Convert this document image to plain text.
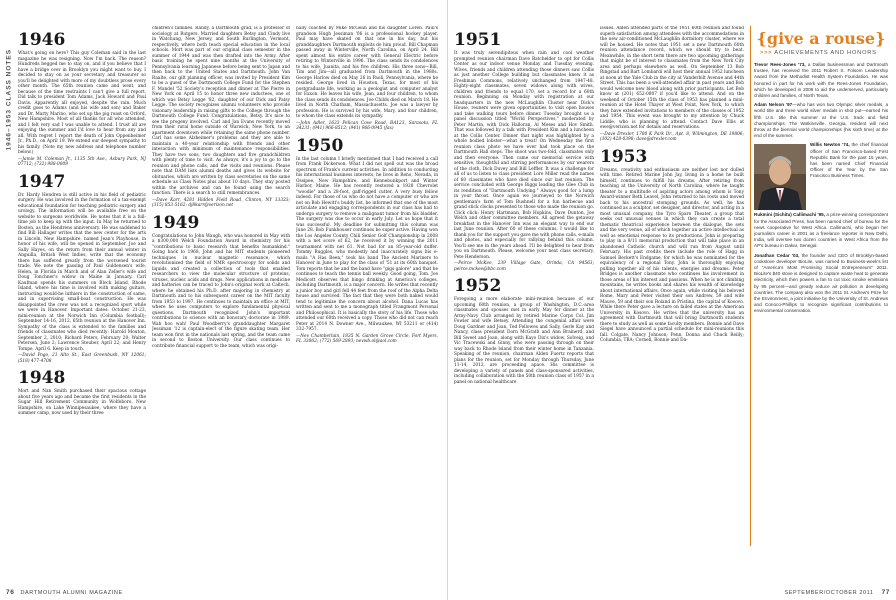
1946–1953 CLASS NOTES
1946

What's going on here? This guy Coleman said in the last magazine he was resigning. Now I'm back. The reason? Hundreds begged me to stay on, and if you believe that I have a bridge over in Brooklyn you might want to buy. I decided to stay on as your secretary and treasurer so you'll be delighted with more of my doubtless prose every other month. The 65th reunion came and went, and because of the time restraints I can't give a full report. Did talk to president Tom Adams, Jack Howard and Paul Davis. Apparently all enjoyed, despite the rain. Much credit goes to Adams (and his wife and son) and Baker and Dr. Marty Marino, who set up the pig roast on Orford, New Hampshire. Most of all thanks for all who attended, and I felt very sad I was unable to attend. I trust all are enjoying the summer and I'd love to hear from any and all. With regret I report the death of John Oppenheimer Jr., Ph.D., on April 19. We extend our deepest sympathy to his family. (Note my new address and telephone number below.)

—Jamie M. Coleman Jr., 1135 5th Ave., Asbury Park, NJ 07712; (732) 988-0009

1947

Dr. Hardy Hendren is still active in his field of pediatric surgery. He was involved in the formation of a tax-exempt educational foundation for teaching pediatric surgery and urology. The information will be available free on the website to surgeons worldwide. He notes that it is a full-time job to keep up with the input. In May he returned to Boston, as the Hendrens anniversary. He was saddened to find Bill Hallager writes that the new center for the arts in Lincoln, New Hampshire, named Jean's Playhouse, in honor of his wife, will be opened in September. Joe and Sally Hayes, on the return from their annual winter in Anguilla, British West Indies, write that the economy there has suffered greatly from the worsened tourist trade. We note the passing of Paul Guldensen's wife, Helen, in Florida in March and of Alan Zeller's wife and Doug Tonchner's widow in Maine in January. Carl Kaufman spends his summers on Block Island, Rhode Island, where his time is involved with making guitars, instructing would-be luthiers in the construction of same, and in supervising small-boat construction. He was disappointed the crew was not a recognized sport while we were in Hanover. Important dates: October 21-23, mini-reunion at the Norwich Inn (Columbia football); September 14-16, 2012, 65th reunion at the Hanover Inn. Sympathy of the class is extended to the families and friends of classmates who died recently: Harold Mouton, September 2, 2010; Richard Peters, February 20; Walter Petersen, June 2; Lawrence Steuber, April 22; and Henry Tompe, April 6. Keep in touch.

—David Pogo, 21 Alto St., East Greenbush, NY 12061; (518) 477-4708

1948

Mort and Nan Smith purchased their spacious cottage about five years ago and became the first residents in the Sugar Hill Retirement Community in Wolfeboro, New Hampshire, on Lake Winnipesaukee, where they have a summer camp, now used by their three

children's families. Randy, a Dartmouth grad, is a professor of sociology at Rutgers. Married daughters Betsy and Cindy live in Watchung, New Jersey, and South Burlington, Vermont, respectively, where both teach special education in the local schools. Mort was part of our original class semester in the summer of 1944 and was then drafted into the Army. After basic training he spent nine months at the University of Pennsylvania learning Japanese before being sent to Japan and then back to the United States and Dartmouth. John Van Raalte, our gilt planning officer, was invited by President Kim to be a guest of the Dartmouth College Fund for the Stephen F. Mandel '52 Society's reception and dinner at The Pierre in New York on April 15 to honor three new inductees, one of which was Betsy Legge '82, daughter of our Dick and Patsy Legge. The society recognizes alumni volunteers who provide visionary leadership in raising gifts to the College through the Dartmouth College Fund. Congratulations, Betsy. It's nice to see the progeny involved. Carl and Jan Evans recently moved from their rural home outside of Warwick, New York, to an apartment downtown while retaining the same phone number. Carl has some Alzheimer's problems and they are able to maintain a 40-year relationship with friends and other interaction with minimum of maintenance responsibilities. They have two sons, two daughters and five grandchildren with plenty of time to visit. As always, it's a joy to go to the reunion and phone calls, and the visits and reunions. Please note that DAM lists alumni deaths and gives its website for obituaries, which are written by class secretaries on the same schedule as Class Notes plus about 10 days. They stay posted within the archives and can be found using the search function. There is a search to still remembrances.

—Dave Karr, 4281 Hidden Field Road, Clinton, NY 13323; (315) 853-5162; dj8karr@verizon.net

1949

Congratulations to John Waugh, who was honored in May with a $300,000 Welch Foundation Award in chemistry for his "contributions to basic research that benefits humankind." Going back to 1968, John and his MIT students pioneered techniques in nuclear magnetic resonance, which revolutionized the field of NMR spectroscopy for solids and liquids and created a collection of tools that enabled researchers to view the molecular structure of proteins, viruses, nucleic acids and drugs. New applications in medicine and batteries can be traced to John's original work at Caltech, where he obtained his Ph.D. after majoring in chemistry at Dartmouth and to his subsequent career on the MIT faculty from 1953 to 1997. He continues to maintain an office at MIT, where he uses computers to explore fundamental physical questions. Dartmouth recognized John's important contributions to science with an honorary doctorate in 1989. Wah hoo wah! Paul Woodberry's granddaughter Margaret Jessiman '12 is captain-elect of the figure skating team. Her team won first in the nationals last spring, and the team came in second to Boston University. Our class continues to contribute financial support to the team, which was origi-

nally coached by Mike McGean and his daughter Loren. Paul's grandson Hugh Jessiman '06 is a professional hockey player. Paul may have skated on that one in his day, but his granddaughters Dartmouth exploits do him proud. Bill Chapman passed away in Winterville, North Carolina, on April 24. Bill spent almost his entire career with General Electric before retiring to Winterville in 1996. The class sends its condolences to his wife, Juanita, and his five children. His three sons—Bill, Tim and Jim—all graduated from Dartmouth in the 1980s. George Harlow died on May 26 in Paoli, Pennsylvania, where he resided. George lived in Houston, Texas, for most of his postgraduate life, working as a geologist and computer analyst for Exxon. He leaves his wife, Jean, and four children, to whom the class sends its condolences. Joe Childs died on March 18. He lived in North Chatham, Massachusetts. Joe was a lawyer by profession. He is survived by his wife, Mary, and four children, to whom the class extends its sympathy.

—John Adler, 1633 Pelican Cove Road, BA123, Sarasota, FL 34231; (941) 966-8512; (941) 966-0945 (fax)

1950

In the last column I briefly mentioned that I had received a call from Frank Dickerson. What I did not spell out was the broad spectrum of Frank's current activities. In addition to conducting his international business interests, he lives in Reno, Nevada, in Ossipee, New Hampshire, and Kennebunkport and Winter Harbor, Maine. He has recently restored a 1928 Chevrolet "woodie" and a 28-foot, gaff-rigged cutter. A very busy fellow indeed. For those of us who do not have a computer or who are not on Bob Hewitt's buddy list, be informed that one of the most articulate and engaging correspondents in our class has had to undergo surgery to remove a malignant tumor from his bladder. The surgery was due to occur in early July. Let us hope that it was successful. My deadline for submitting this column was June 28. Bob Funkhouser continues be super active. Having won the Los Angeles County Chili Senior Golf Championship in 2008 with a net score of 62, he received it by winning the 2011 tournament with net 61. Not bad for an 85-year-old duffer. Tommy Ruggles, who modestly and inaccurately signs his e-mails "A Has Been," took his band The Ancient Mariners to Hanover in June to play for the class of '51 at its 60th banquet. Tom reports that he and the band have "gigs galore" and that he continues to teach the tennis ball weekly. Good going, Tom. Joe Medicott observes that bingo drinking at America's colleges, including Dartmouth, is a major concern. He writes that recently a junior boy and girl fell 44 feet from the roof of the Alpha Delta house and survived. The fact that they were both naked would tend to legitimize the concern about alcohol. Dana Lucas has written and sent to me a monograph titled Frangmont Personal and Philosophical. It is basically the story of his life. Those who attended our 60th received a copy. Those who did not can reach Peter at 2014 N. Downer Ave., Milwaukee, WI 53211 or (414) 332-7957.

—Nev Chamberlain, 1835 N. Garden Grove Circle, Fort Myers, FL 33062; (772) 569-2893; nevwb.ol@aol.com

76 DARTMOUTH ALUMNI MAGAZINE
1951

It was truly serendipitous when rain and cool weather prompted reunion chairman Dave Batchelder to opt for Collis Center as our indoor venue Monday and Tuesday evening. Wives, friends and children attending those dinners saw Collis as just another College building but classmates knew it as Freshman Commons, relatively unchanged from 1947-48. Eighty-eight classmates, seven widows along with wives, children and friends to equal 170, set a record for a 60th reunion. Beginning on Monday with registration at our headquarters in the new McLaughlin Cluster near Dick's House, reuners were given opportunities to visit open houses and take walking tours before dinner. Tuesday brought us a panel discussion titled "World Perspectives," moderated by Peter Martin, with Dick Halloran, Al Moses and Hov Smith. That was followed by a talk with President Kim and a luncheon at the Collis Center. Dinner that night was highlighted by a whole bodied lobster—what a treat! On Wednesday the first reunion class photo we have ever had took place on the Dartmouth Hall steps. The shoot was two-fold, classmates only and then everyone. Then came our memorial service with sensitive, thoughtful and stirring performances by our wearers of the cloth, Dick Duvey and Bill Leffler. It was a challenge for all of us to listen to class president Lore Miller read the names of 60 classmates who have died since our last reunion. The service concluded with George Biggs leading the Glee Club in its rendition of "Dartmouth Undying." Always good for a lump in your throat. Once again we journeyed to the Norwich gentleman's farm of Tom Bushnell for a fun barbecue and grand stick clocks presented to those who made the reunion go. Click click: Henry Hartmann, Bob Hopkins, Dave Dunton, Joe Welch and other committee members. All agreed the getaway breakfast in the Hanover Inn was an elegant way to end our last June reunion. After 60 of these columns, I would like to thank you for the support you gave me with phone calls, e-mails and photos, and especially for rallying behind this column. You'll see me in the years ahead. I'll be delighted to hear from you on Dartmouth. Please, welcome your next class secretary, Pete Henderson.

—Peirce McKee, 239 Village Gate, Orinda, CA 94563; peirce.mckee@bbc.com

1952

Foregoing a more elaborate mini-reunion because of our upcoming 60th reunion, a group of Washington, D.C.-area classmates and spouses met in early May for dinner at the Army-Navy Club arranged by retired Marine Corps Col. Jim Fowler and wife Betsey. Attending the congenial affair were Doug Gardner and Joan, Ted Fellowes and Sally, Gerle Kay and Nancy, class president Dorn McGrath and Ann Brainerd, and Bill Sweet and Joan, along with Kayo Dix's widow, Solveig, and Vic Tracewski and Ginny, who were passing through on their way back to Rhode Island from their winter home in Tanzania. Speaking of the reunion, chairman Alden Fuertz reports that plans for the reunion, set for Monday through Thursday, June 11-14, 2012, are proceeding apace. His committee is developing a variety of panels and class-sponsored activities, including collaboration with the 50th reunion class of 1957 in a panel on national healthcare

issues. Alden attended parts of the 1951 60th reunion and found superb satisfaction among attendees with the accommodations in the new air-conditioned McLaughlin dormitory cluster, where we will be housed. He notes that 1951 set a new Dartmouth 60th reunion attendance record, which we should try to beat. Meanwhile, in the short term there are two upcoming gatherings that might be of interest to classmates from the New York City area and perhaps elsewhere as well. On September 13 Bob Ringstad and Bart Lombardi will host their annual 1952 luncheon at noon at the Yale Club in the city at Vanderbilt Avenue and 44th Street. This has been a well-attended affair in past years and Bob would welcome new blood along with prior participants. Let Bob know at (201) 652-0807 if you'd like to attend. And on the weekend of October 15th the class of 1953 has planned a mini-reunion at the Hotel Thayer at West Point, New York, to which they have extended invitations to members of the classes of 1952 and 1954. This event was brought to my attention by Chuck Liddle, who is planning to attend. Contact Dave Ellis at ewe@verizon.net for details and reservations.

—Dave Drexler, 1700 K Park Dr., Apt. 8, Wilmington, DE 19806; (302) 428-0398; dave@drexler.com

1953

Dreams, creativity and enthusiasm are neither lost nor dulled with time. Retired Marine John Jay, living in a home he built himself, continues to fulfill his dreams. After retiring from teaching at the University of North Carolina, where he taught theater to a multitude of aspiring actors among whom is Tony Award-winner Beth Leavel, John returned to his roots and moved back to his ancestral stomping grounds. As well, he has continued as a sculptor, set designer, and director, and acting in a most unusual company, the Tyro Spare Theater, a group that seeks out unusual venues in which they can create a total thematic theatrical experience between the dialogue, the sets and the very venue, all of which together an active intellectual as well as emotional response to its productions. John is preparing to play in a 9/11 memorial production that will take place in an abandoned Catholic church and will run from August until February. His past credits there include the role of Hagg in Samuel Beckett's Endgame, for which he was nominated for the equivalency of a regional Tony. John is thoroughly enjoying pulling together all of his talents, energies and dreams. Peter Bridges is another classmate who continues his involvement in those areas of his interest and passions. When he is not climbing mountains, he writes books and shares his wealth of knowledge about international affairs. Once again, while visiting his beloved Rome, Mary and Peter visited their son Andrew, 59 and wife Mauve, 59 and their son Roland in Pristina, the capital of Kosovo. While there Peter gave a lecture on failed states at the American University in Kosovo. He writes that the university has an agreement with Dartmouth that will bring Dartmouth students there to study as well as some faculty members. Bonnie and Dave Siegel have announced a partial schedule for mini-reunions this fall. Colgate, Nancy Johnson; Penn, Donna and Chuck Reilly; Columbia, TBA; Cornell, Bonnie and Da-

{give a rouse}
>>> ACHIEVEMENTS AND HONORS

Trevor Rees-Jones '73, a Dallas businessman and Dartmouth trustee, has received the 2011 Robert S. Folsom Leadership Award from the Methodist Health System Foundation. He was honored in part for his work with the Rees-Jones Foundation, which he developed in 2006 to aid the underserved, particularly children and families, of North Texas.

Adam Nelson '97—who has won two Olympic silver medals, a world title and three world silver medals in shot put—earned his fifth U.S. title this summer at the U.S. track and field championships. The Watkinsville, Georgia, resident will next throw at the biennial world championships (his sixth time) at the end of the summer.

Willis Newton '74, the chief financial officer of San Francisco-based First Republic Bank for the past 15 years, has been named Chief Financial Officer of the Year by the San Francisco Business Times.

Rukmini (Sichitu) Callimachi '95, a prize-winning correspondent for the Associated Press, has been named chief of bureau for the news cooperative for West Africa. Callimachi, who began her journalism career in 2001 as a freelance reporter in New Delhi, India, will oversee two dozen countries in West Africa from the AP's bureau in Dakar, Senegal.

Jonathan Cedar '03, the founder and CEO of Brooklyn-based cookstove developer BioLite, was named to Business-week's list of "America's Most Promising Social Entrepreneurs" 2011. BioLite's $40 stove is designed to capture waste heat to generate electricity, which then powers a fan to cut toxic smoke emissions by 95 percent—and greatly reduce air pollution in developing countries. The company also won the 2011 St. Andrew's Prize for the Environment, a joint initiative by the University of St. Andrews and Conoco-Phillips to recognize significant contributions to environmental conservation.

SEPTEMBER/OCTOBER 2011 77
